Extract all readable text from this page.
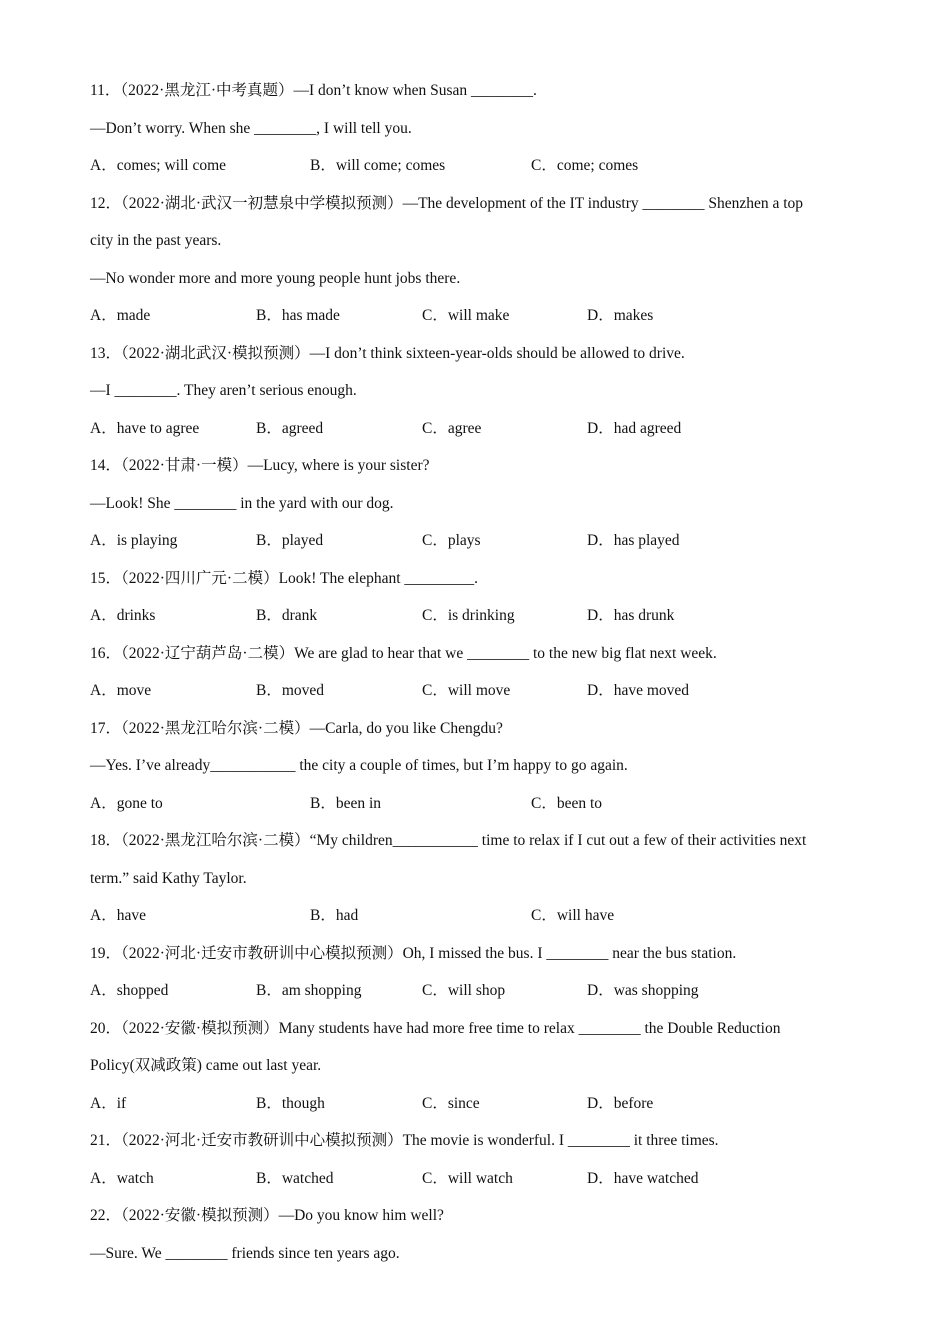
11．（2022·黑龙江·中考真题）—I don’t know when Susan ________.
—Don’t worry. When she ________, I will tell you.
A．comes; will come	B．will come; comes	C．come; comes
12．（2022·湖北·武汉一初慧泉中学模拟预测）—The development of the IT industry ________ Shenzhen a top
city in the past years.
—No wonder more and more young people hunt jobs there.
A．made	B．has made	C．will make	D．makes
13．（2022·湖北武汉·模拟预测）—I don’t think sixteen-year-olds should be allowed to drive.
—I ________. They aren’t serious enough.
A．have to agree	B．agreed	C．agree	D．had agreed
14．（2022·甘肃·一模）—Lucy, where is your sister?
—Look! She ________ in the yard with our dog.
A．is playing	B．played	C．plays	D．has played
15．（2022·四川广元·二模）Look! The elephant _________.
A．drinks	B．drank	C．is drinking	D．has drunk
16．（2022·辽宁葫芦岛·二模）We are glad to hear that we ________ to the new big flat next week.
A．move	B．moved	C．will move	D．have moved
17．（2022·黑龙江哈尔滨·二模）—Carla, do you like Chengdu?
—Yes. I’ve already___________ the city a couple of times, but I’m happy to go again.
A．gone to	B．been in	C．been to
18．（2022·黑龙江哈尔滨·二模）“My children___________ time to relax if I cut out a few of their activities next
term.” said Kathy Taylor.
A．have	B．had	C．will have
19．（2022·河北·迁安市教研训中心模拟预测）Oh, I missed the bus. I ________ near the bus station.
A．shopped	B．am shopping	C．will shop	D．was shopping
20．（2022·安徽·模拟预测）Many students have had more free time to relax ________ the Double Reduction
Policy(双减政策) came out last year.
A．if	B．though	C．since	D．before
21．（2022·河北·迁安市教研训中心模拟预测）The movie is wonderful. I ________ it three times.
A．watch	B．watched	C．will watch	D．have watched
22．（2022·安徽·模拟预测）—Do you know him well?
—Sure. We ________ friends since ten years ago.
